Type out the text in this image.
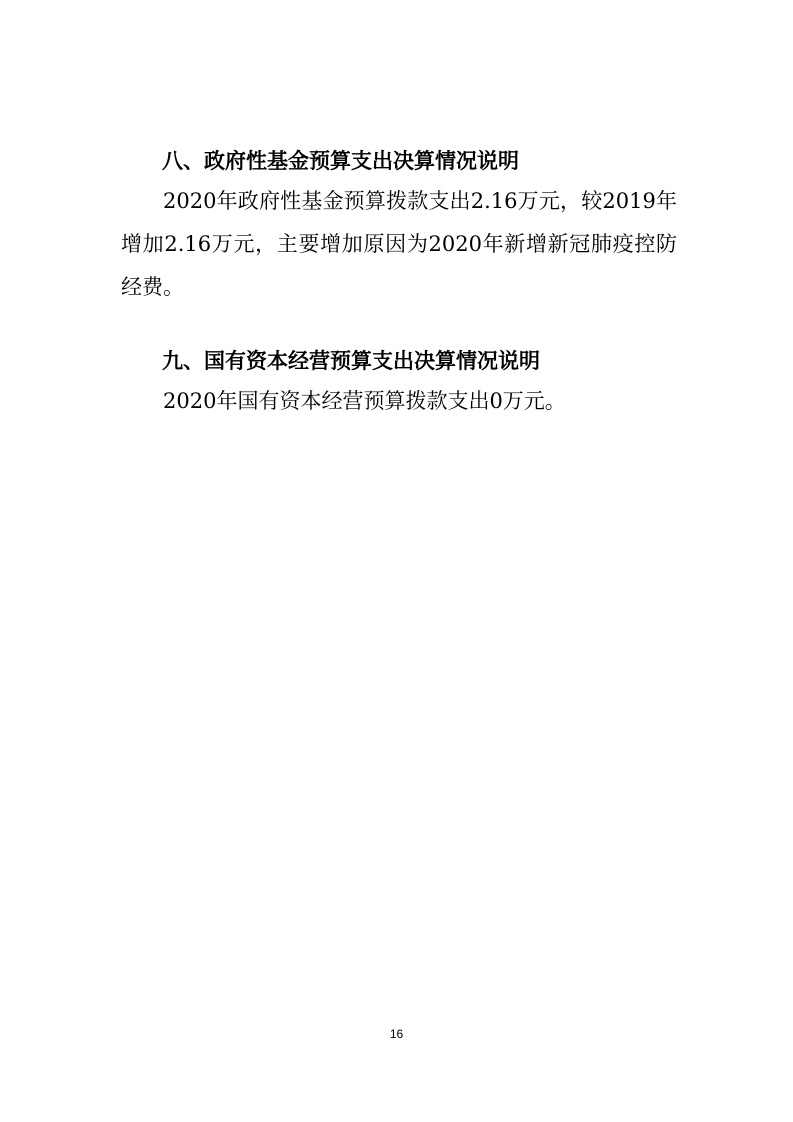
八、政府性基金预算支出决算情况说明

2020年政府性基金预算拨款支出2.16万元，较2019年增加2.16万元，主要增加原因为2020年新增新冠肺疫控防经费。

九、国有资本经营预算支出决算情况说明

2020年国有资本经营预算拨款支出0万元。

16
